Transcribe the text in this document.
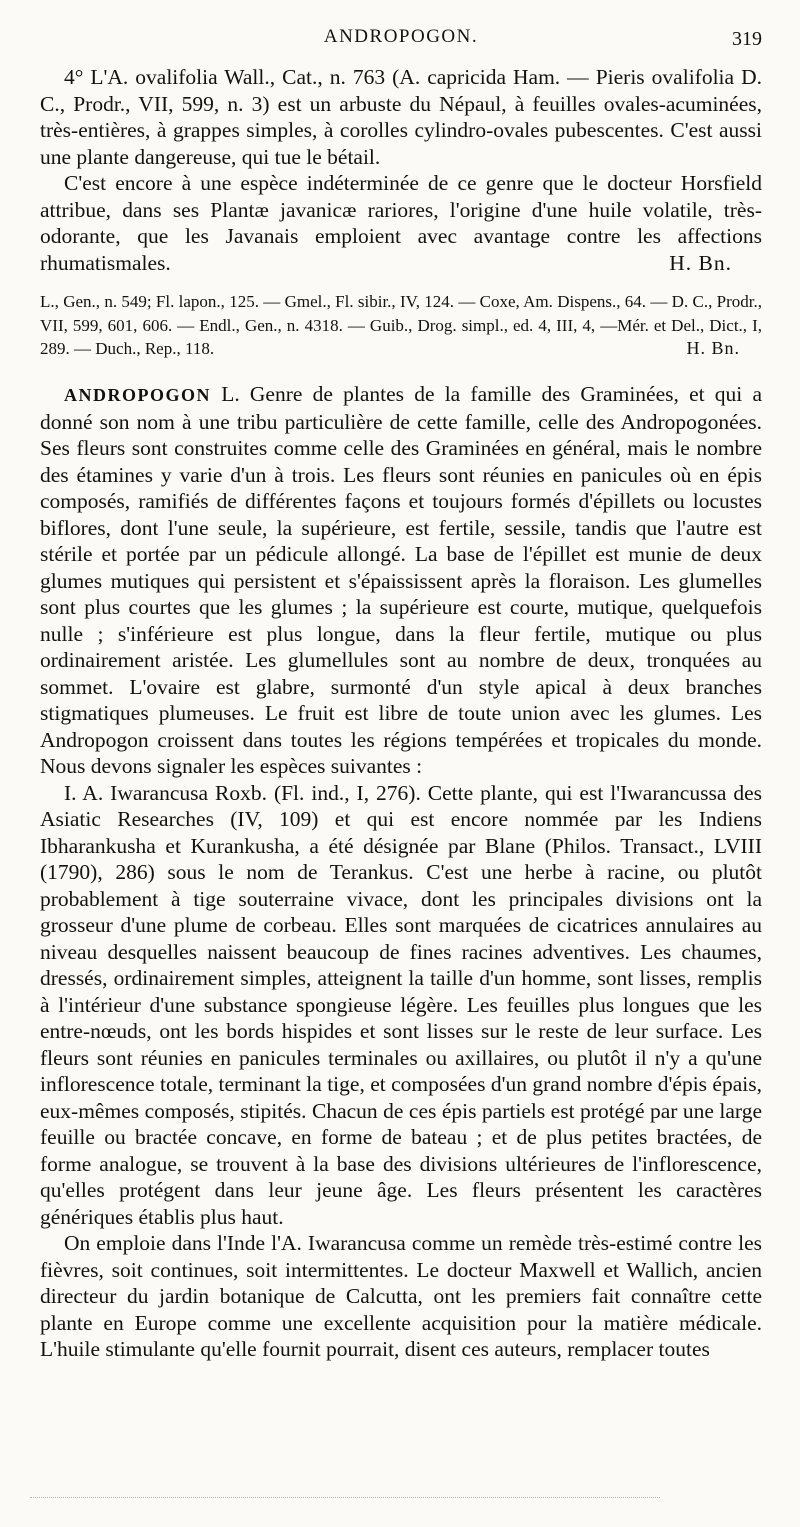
ANDROPOGON.	319

4° L'A. ovalifolia Wall., Cat., n. 763 (A. capricida Ham. — Pieris ovalifolia D. C., Prodr., VII, 599, n. 3) est un arbuste du Népaul, à feuilles ovales-acuminées, très-entières, à grappes simples, à corolles cylindro-ovales pubescentes. C'est aussi une plante dangereuse, qui tue le bétail.

C'est encore à une espèce indéterminée de ce genre que le docteur Horsfield attribue, dans ses Plantæ javanicæ rariores, l'origine d'une huile volatile, très-odorante, que les Javanais emploient avec avantage contre les affections rhumatismales.	H. Bn.

L., Gen., n. 549; Fl. lapon., 125. — Gmel., Fl. sibir., IV, 124. — Coxe, Am. Dispens., 64. — D. C., Prodr., VII, 599, 601, 606. — Endl., Gen., n. 4318. — Guib., Drog. simpl., ed. 4, III, 4, —Mér. et Del., Dict., I, 289. — Duch., Rep., 118.	H. Bn.

ANDROPOGON L. Genre de plantes de la famille des Graminées, et qui a donné son nom à une tribu particulière de cette famille, celle des Andropogonées. Ses fleurs sont construites comme celle des Graminées en général, mais le nombre des étamines y varie d'un à trois. Les fleurs sont réunies en panicules où en épis composés, ramifiés de différentes façons et toujours formés d'épillets ou locustes biflores, dont l'une seule, la supérieure, est fertile, sessile, tandis que l'autre est stérile et portée par un pédicule allongé. La base de l'épillet est munie de deux glumes mutiques qui persistent et s'épaississent après la floraison. Les glumelles sont plus courtes que les glumes ; la supérieure est courte, mutique, quelquefois nulle ; s'inférieure est plus longue, dans la fleur fertile, mutique ou plus ordinairement aristée. Les glumellules sont au nombre de deux, tronquées au sommet. L'ovaire est glabre, surmonté d'un style apical à deux branches stigmatiques plumeuses. Le fruit est libre de toute union avec les glumes. Les Andropogon croissent dans toutes les régions tempérées et tropicales du monde. Nous devons signaler les espèces suivantes :

I. A. Iwarancusa Roxb. (Fl. ind., I, 276). Cette plante, qui est l'Iwarancussa des Asiatic Researches (IV, 109) et qui est encore nommée par les Indiens Ibharankusha et Kurankusha, a été désignée par Blane (Philos. Transact., LVIII (1790), 286) sous le nom de Terankus. C'est une herbe à racine, ou plutôt probablement à tige souterraine vivace, dont les principales divisions ont la grosseur d'une plume de corbeau. Elles sont marquées de cicatrices annulaires au niveau desquelles naissent beaucoup de fines racines adventives. Les chaumes, dressés, ordinairement simples, atteignent la taille d'un homme, sont lisses, remplis à l'intérieur d'une substance spongieuse légère. Les feuilles plus longues que les entre-nœuds, ont les bords hispides et sont lisses sur le reste de leur surface. Les fleurs sont réunies en panicules terminales ou axillaires, ou plutôt il n'y a qu'une inflorescence totale, terminant la tige, et composées d'un grand nombre d'épis épais, eux-mêmes composés, stipités. Chacun de ces épis partiels est protégé par une large feuille ou bractée concave, en forme de bateau ; et de plus petites bractées, de forme analogue, se trouvent à la base des divisions ultérieures de l'inflorescence, qu'elles protégent dans leur jeune âge. Les fleurs présentent les caractères génériques établis plus haut.

On emploie dans l'Inde l'A. Iwarancusa comme un remède très-estimé contre les fièvres, soit continues, soit intermittentes. Le docteur Maxwell et Wallich, ancien directeur du jardin botanique de Calcutta, ont les premiers fait connaître cette plante en Europe comme une excellente acquisition pour la matière médicale. L'huile stimulante qu'elle fournit pourrait, disent ces auteurs, remplacer toutes
